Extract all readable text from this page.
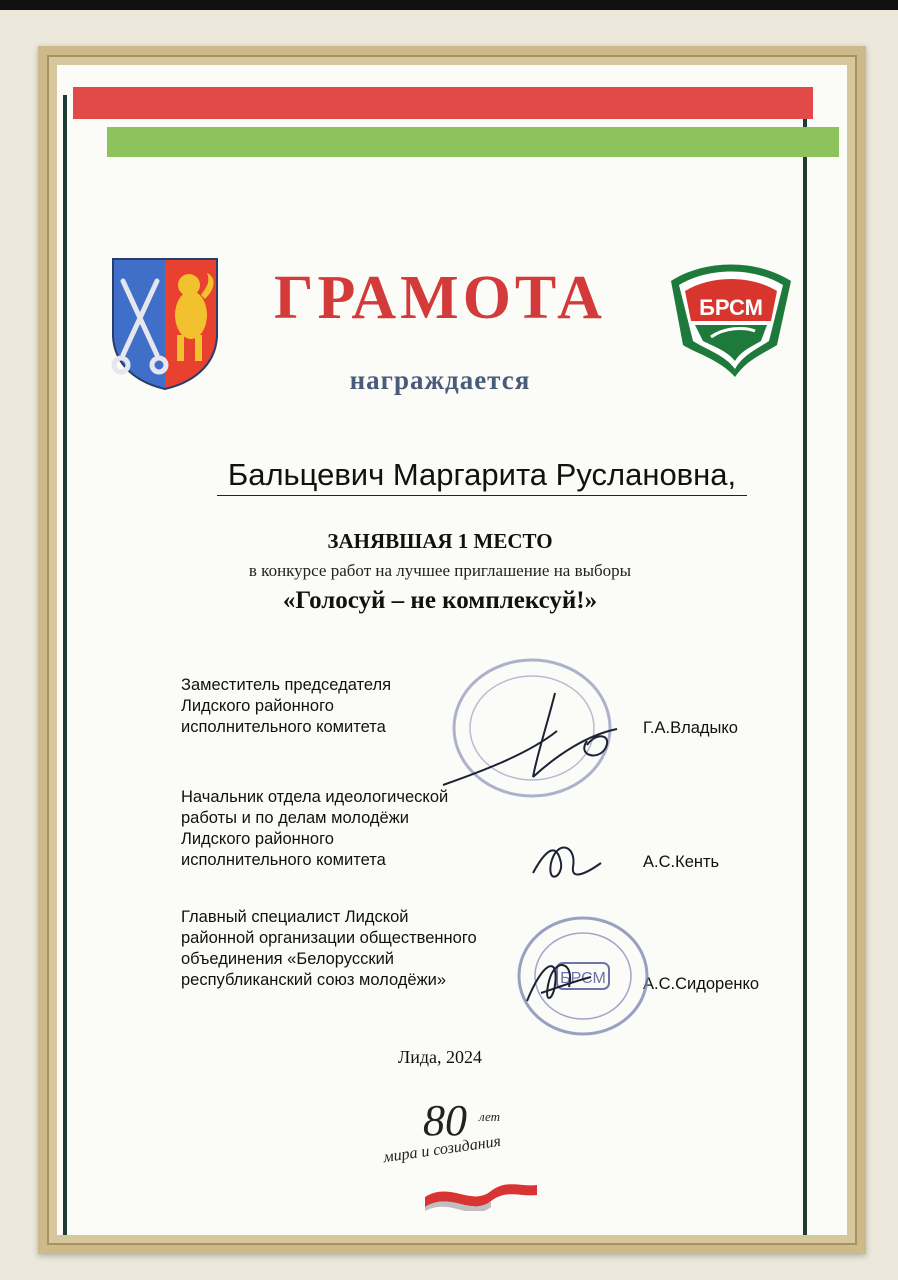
БРСМ
ГРАМОТА
награждается
Бальцевич Маргарита Руслановна,
ЗАНЯВШАЯ 1 МЕСТО
в конкурсе работ на лучшее приглашение на выборы
«Голосуй – не комплексуй!»
Заместитель председателя
Лидского районного
исполнительного комитета	Г.А.Владыко
Начальник отдела идеологической
работы и по делам молодёжи
Лидского районного
исполнительного комитета	А.С.Кенть
Главный специалист Лидской
районной организации общественного
объединения «Белорусский
республиканский союз молодёжи»	А.С.Сидоренко
БРСМ
Лида, 2024
80 лет
мира и созидания
